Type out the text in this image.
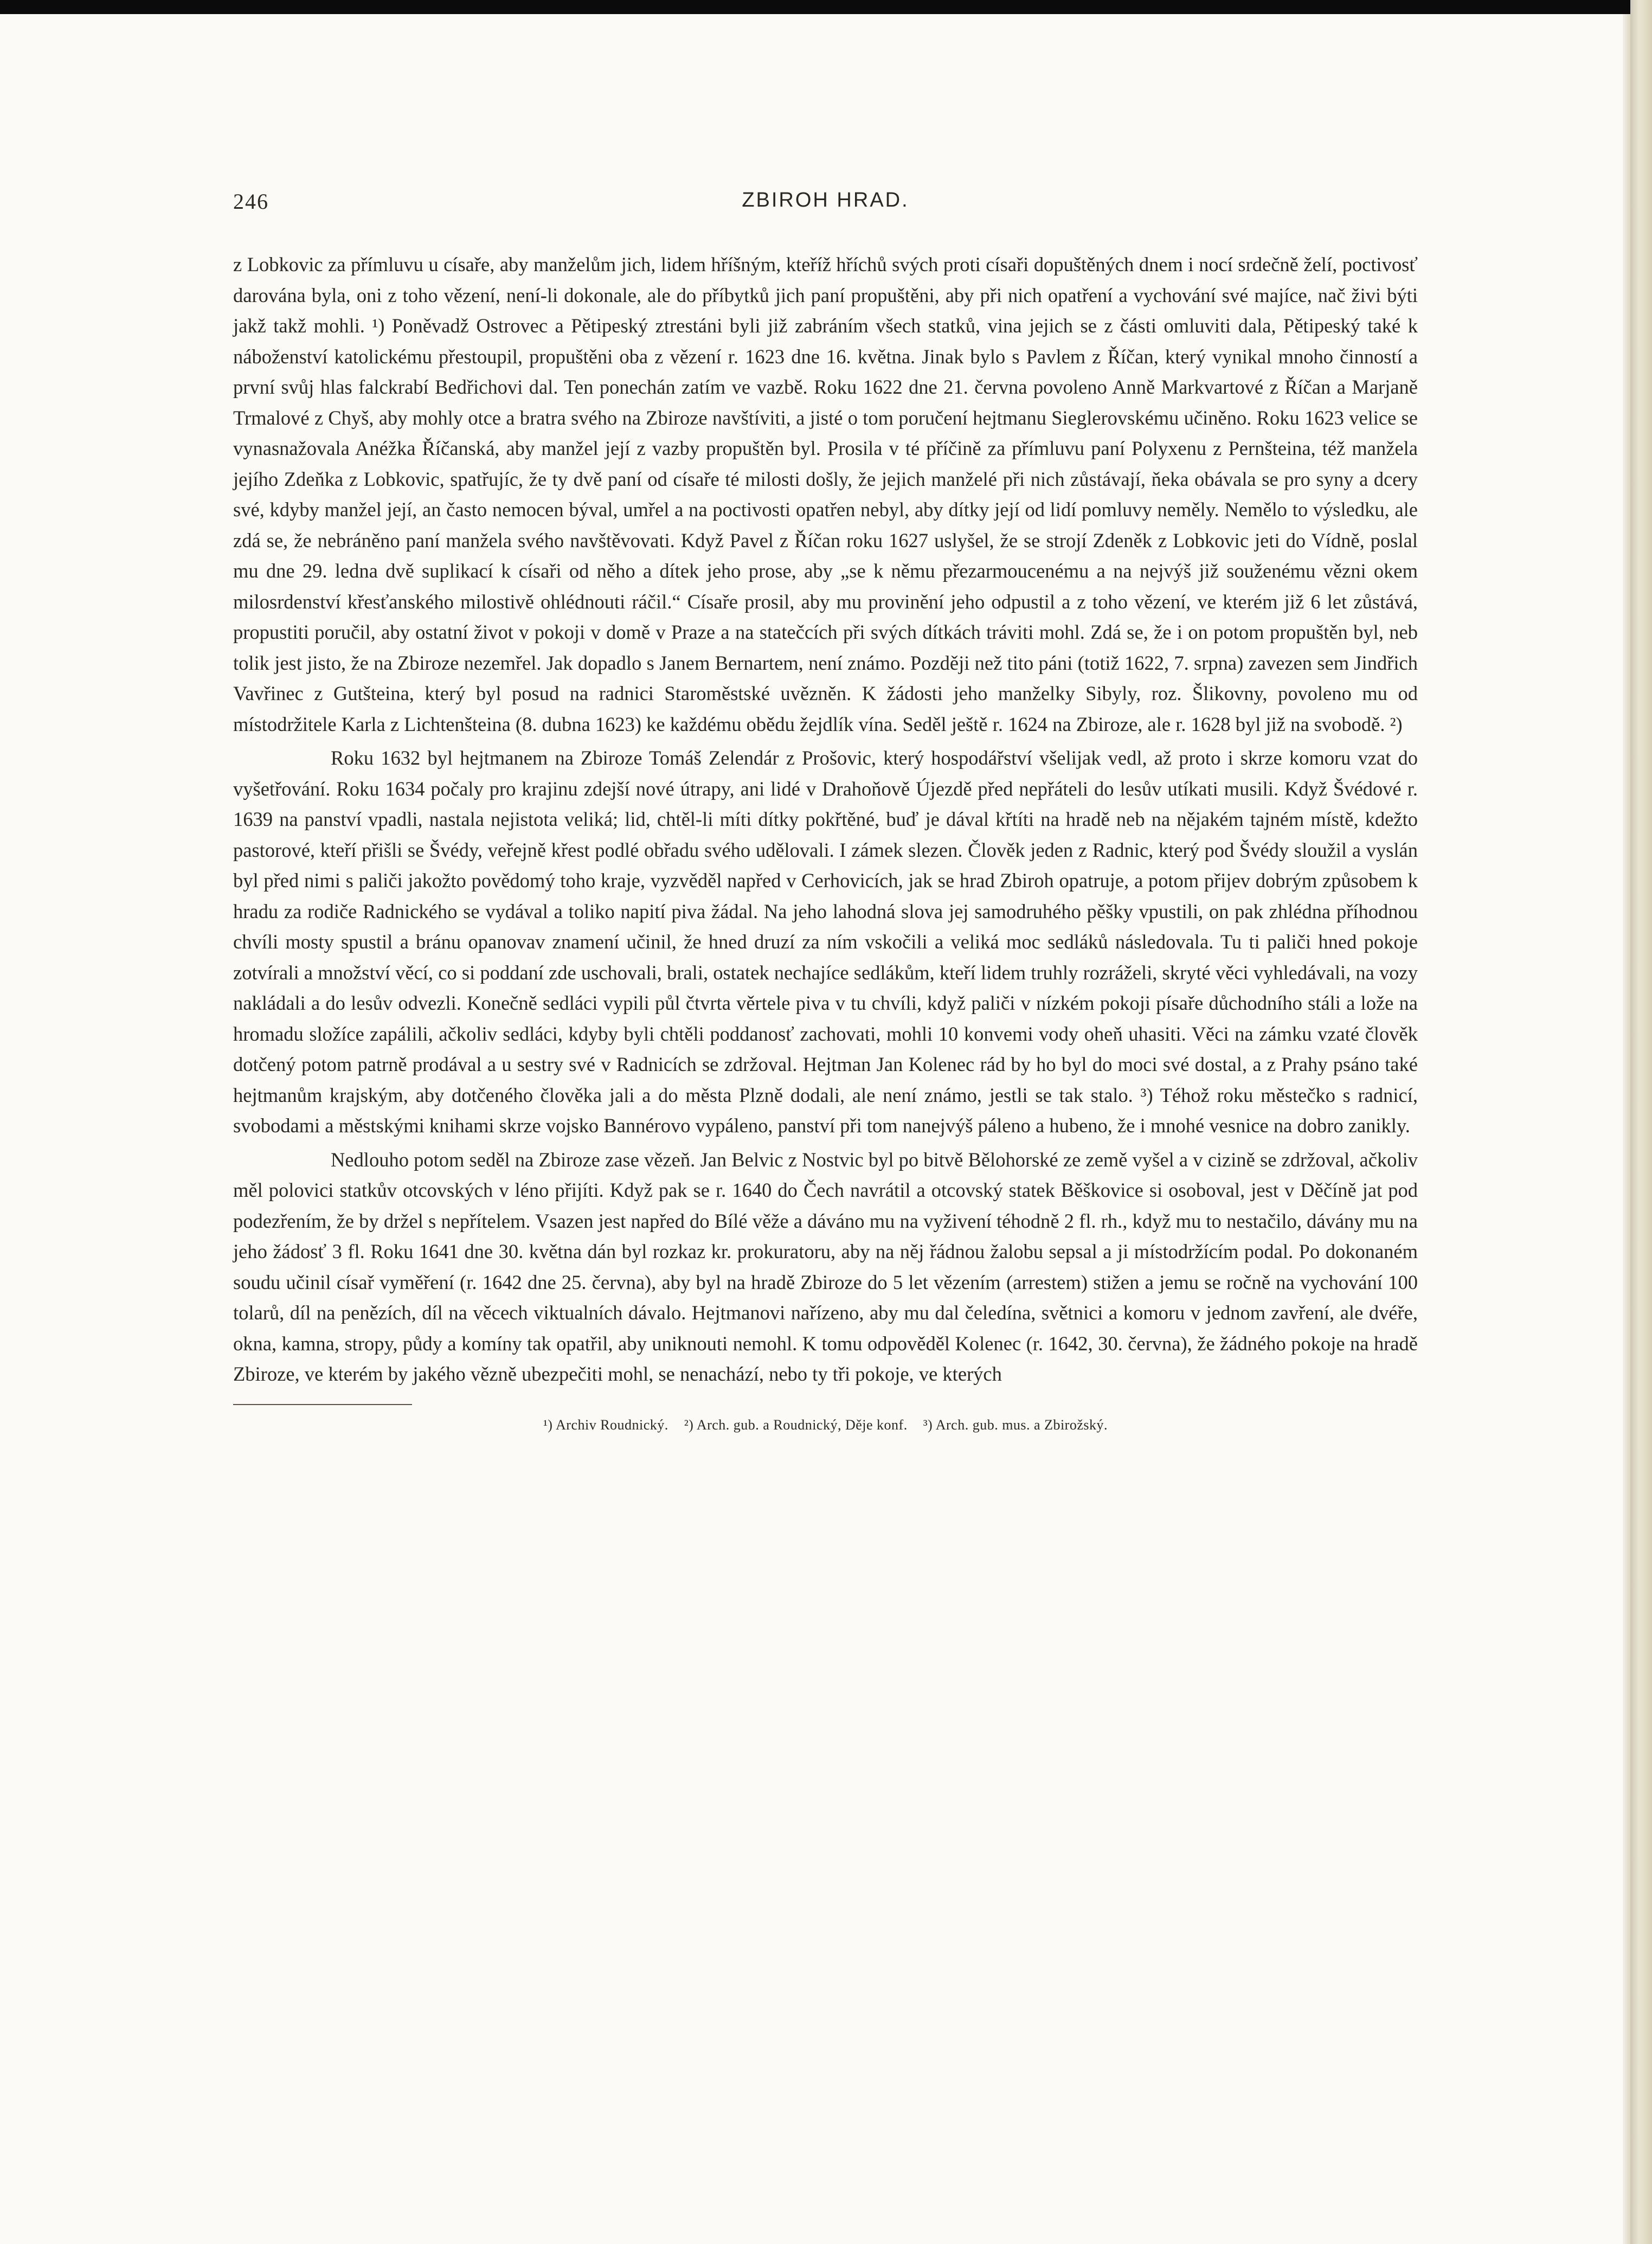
246	ZBIROH HRAD.

z Lobkovic za přímluvu u císaře, aby manželům jich, lidem hříšným, kteříž hříchů svých proti císaři dopuštěných dnem i nocí srdečně želí, poctivosť darována byla, oni z toho vězení, není-li dokonale, ale do příbytků jich paní propuštěni, aby při nich opatření a vychování své majíce, nač živi býti jakž takž mohli. ¹) Poněvadž Ostrovec a Pětipeský ztrestáni byli již zabráním všech statků, vina jejich se z části omluviti dala, Pětipeský také k náboženství katolickému přestoupil, propuštěni oba z vězení r. 1623 dne 16. května. Jinak bylo s Pavlem z Říčan, který vynikal mnoho činností a první svůj hlas falckrabí Bedřichovi dal. Ten ponechán zatím ve vazbě. Roku 1622 dne 21. června povoleno Anně Markvartové z Říčan a Marjaně Trmalové z Chyš, aby mohly otce a bratra svého na Zbiroze navštíviti, a jisté o tom poručení hejtmanu Sieglerovskému učiněno. Roku 1623 velice se vynasnažovala Anéžka Říčanská, aby manžel její z vazby propuštěn byl. Prosila v té příčině za přímluvu paní Polyxenu z Pernšteina, též manžela jejího Zdeňka z Lobkovic, spatřujíc, že ty dvě paní od císaře té milosti došly, že jejich manželé při nich zůstávají, ňeka obávala se pro syny a dcery své, kdyby manžel její, an často nemocen býval, umřel a na poctivosti opatřen nebyl, aby dítky její od lidí pomluvy neměly. Nemělo to výsledku, ale zdá se, že nebráněno paní manžela svého navštěvovati. Když Pavel z Říčan roku 1627 uslyšel, že se strojí Zdeněk z Lobkovic jeti do Vídně, poslal mu dne 29. ledna dvě suplikací k císaři od něho a dítek jeho prose, aby „se k němu přezarmoucenému a na nejvýš již souženému vězni okem milosrdenství křesťanského milostivě ohlédnouti ráčil.“ Císaře prosil, aby mu provinění jeho odpustil a z toho vězení, ve kterém již 6 let zůstává, propustiti poručil, aby ostatní život v pokoji v domě v Praze a na statečcích při svých dítkách tráviti mohl. Zdá se, že i on potom propuštěn byl, neb tolik jest jisto, že na Zbiroze nezemřel. Jak dopadlo s Janem Bernartem, není známo. Později než tito páni (totiž 1622, 7. srpna) zavezen sem Jindřich Vavřinec z Gutšteina, který byl posud na radnici Staroměstské uvězněn. K žádosti jeho manželky Sibyly, roz. Šlikovny, povoleno mu od místodržitele Karla z Lichtenšteina (8. dubna 1623) ke každému obědu žejdlík vína. Seděl ještě r. 1624 na Zbiroze, ale r. 1628 byl již na svobodě. ²)

Roku 1632 byl hejtmanem na Zbiroze Tomáš Zelendár z Prošovic, který hospodářství všelijak vedl, až proto i skrze komoru vzat do vyšetřování. Roku 1634 počaly pro krajinu zdejší nové útrapy, ani lidé v Drahoňově Újezdě před nepřáteli do lesův utíkati musili. Když Švédové r. 1639 na panství vpadli, nastala nejistota veliká; lid, chtěl-li míti dítky pokřtěné, buď je dával křtíti na hradě neb na nějakém tajném místě, kdežto pastorové, kteří přišli se Švédy, veřejně křest podlé obřadu svého udělovali. I zámek slezen. Člověk jeden z Radnic, který pod Švédy sloužil a vyslán byl před nimi s paliči jakožto povědomý toho kraje, vyzvěděl napřed v Cerhovicích, jak se hrad Zbiroh opatruje, a potom přijev dobrým způsobem k hradu za rodiče Radnického se vydával a toliko napití piva žádal. Na jeho lahodná slova jej samodruhého pěšky vpustili, on pak zhlédna příhodnou chvíli mosty spustil a bránu opanovav znamení učinil, že hned druzí za ním vskočili a veliká moc sedláků následovala. Tu ti paliči hned pokoje zotvírali a množství věcí, co si poddaní zde uschovali, brali, ostatek nechajíce sedlákům, kteří lidem truhly rozráželi, skryté věci vyhledávali, na vozy nakládali a do lesův odvezli. Konečně sedláci vypili půl čtvrta věrtele piva v tu chvíli, když paliči v nízkém pokoji písaře důchodního stáli a lože na hromadu složíce zapálili, ačkoliv sedláci, kdyby byli chtěli poddanosť zachovati, mohli 10 konvemi vody oheň uhasiti. Věci na zámku vzaté člověk dotčený potom patrně prodával a u sestry své v Radnicích se zdržoval. Hejtman Jan Kolenec rád by ho byl do moci své dostal, a z Prahy psáno také hejtmanům krajským, aby dotčeného člověka jali a do města Plzně dodali, ale není známo, jestli se tak stalo. ³) Téhož roku městečko s radnicí, svobodami a městskými knihami skrze vojsko Bannérovo vypáleno, panství při tom nanejvýš páleno a hubeno, že i mnohé vesnice na dobro zanikly.

Nedlouho potom seděl na Zbiroze zase vězeň. Jan Belvic z Nostvic byl po bitvě Bělohorské ze země vyšel a v cizině se zdržoval, ačkoliv měl polovici statkův otcovských v léno přijíti. Když pak se r. 1640 do Čech navrátil a otcovský statek Běškovice si osoboval, jest v Děčíně jat pod podezřením, že by držel s nepřítelem. Vsazen jest napřed do Bílé věže a dáváno mu na vyživení téhodně 2 fl. rh., když mu to nestačilo, dávány mu na jeho žádosť 3 fl. Roku 1641 dne 30. května dán byl rozkaz kr. prokuratoru, aby na něj řádnou žalobu sepsal a ji místodržícím podal. Po dokonaném soudu učinil císař vyměření (r. 1642 dne 25. června), aby byl na hradě Zbiroze do 5 let vězením (arrestem) stižen a jemu se ročně na vychování 100 tolarů, díl na penězích, díl na věcech viktualních dávalo. Hejtmanovi nařízeno, aby mu dal čeledína, světnici a komoru v jednom zavření, ale dvéře, okna, kamna, stropy, půdy a komíny tak opatřil, aby uniknouti nemohl. K tomu odpověděl Kolenec (r. 1642, 30. června), že žádného pokoje na hradě Zbiroze, ve kterém by jakého vězně ubezpečiti mohl, se nenachází, nebo ty tři pokoje, ve kterých

¹) Archiv Roudnický. ²) Arch. gub. a Roudnický, Děje konf. ³) Arch. gub. mus. a Zbirožský.
